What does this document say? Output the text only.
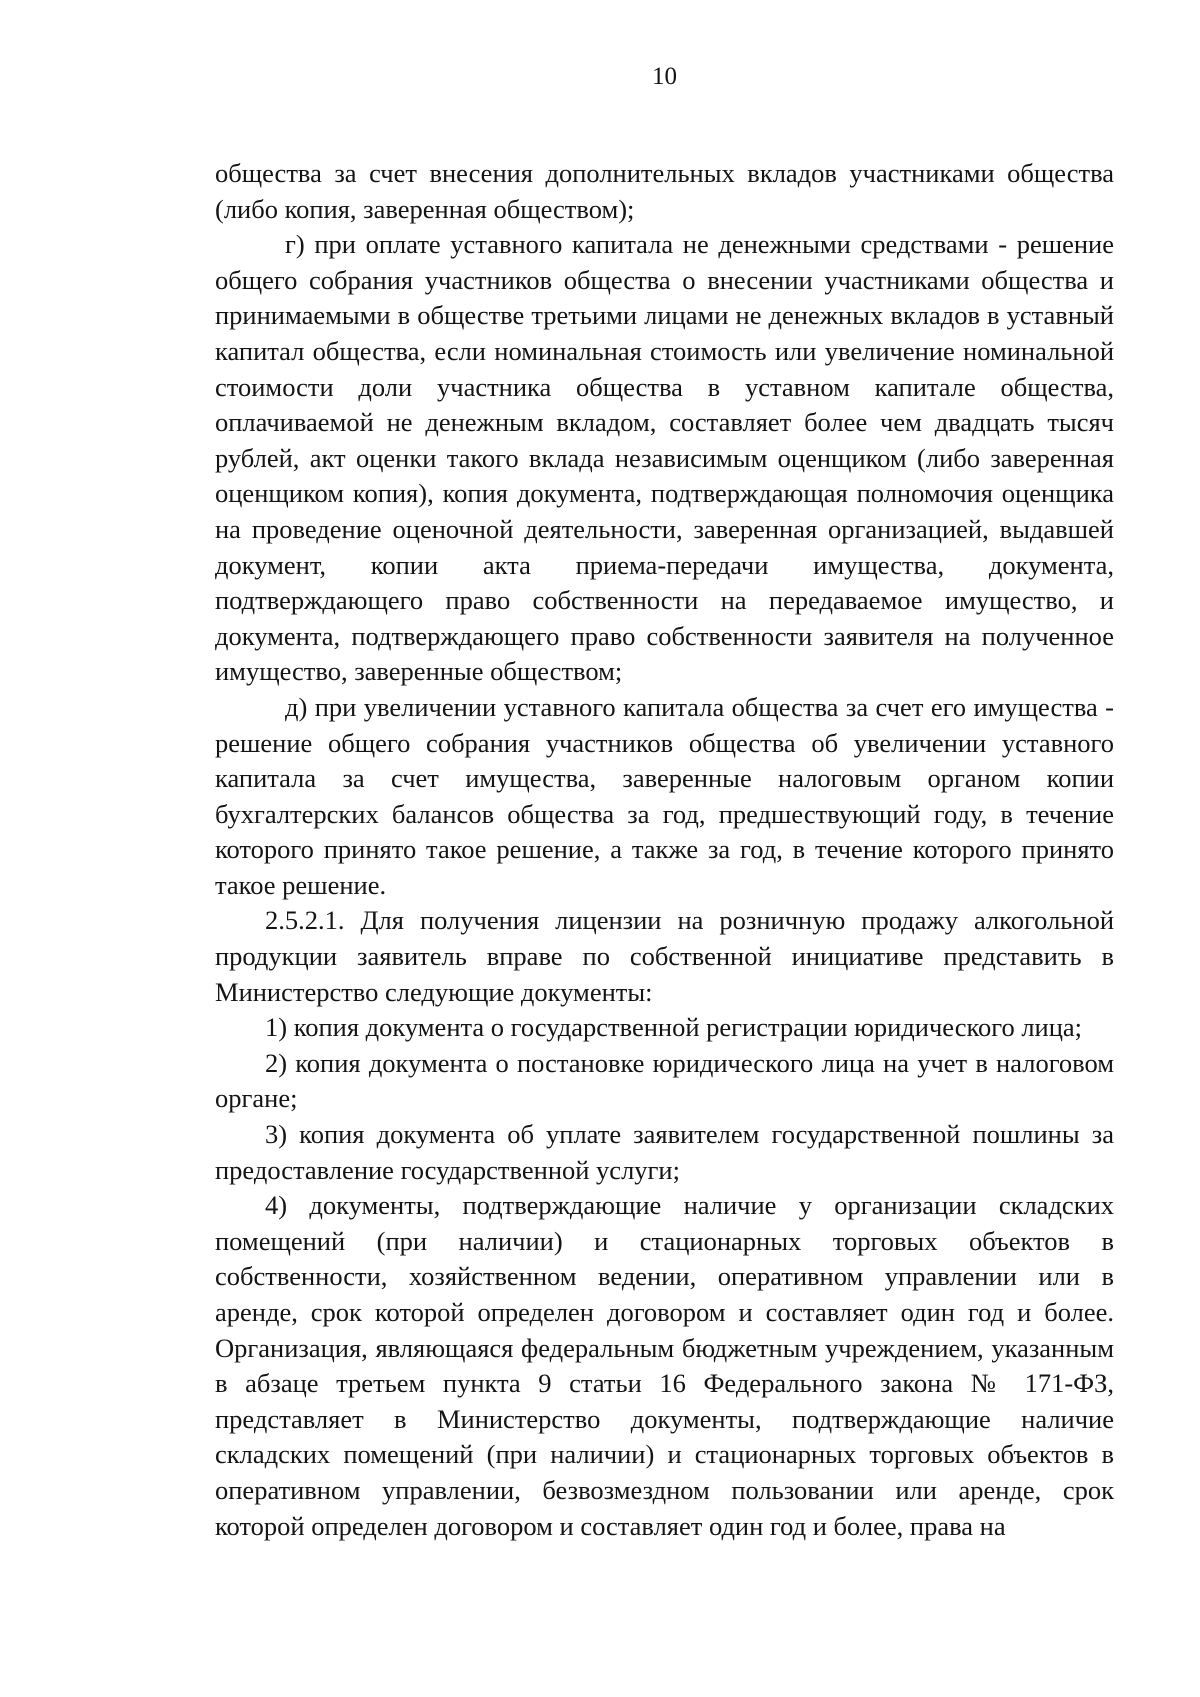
10

общества за счет внесения дополнительных вкладов участниками общества (либо копия, заверенная обществом);

г) при оплате уставного капитала не денежными средствами - решение общего собрания участников общества о внесении участниками общества и принимаемыми в обществе третьими лицами не денежных вкладов в уставный капитал общества, если номинальная стоимость или увеличение номинальной стоимости доли участника общества в уставном капитале общества, оплачиваемой не денежным вкладом, составляет более чем двадцать тысяч рублей, акт оценки такого вклада независимым оценщиком (либо заверенная оценщиком копия), копия документа, подтверждающая полномочия оценщика на проведение оценочной деятельности, заверенная организацией, выдавшей документ, копии акта приема-передачи имущества, документа, подтверждающего право собственности на передаваемое имущество, и документа, подтверждающего право собственности заявителя на полученное имущество, заверенные обществом;

д) при увеличении уставного капитала общества за счет его имущества - решение общего собрания участников общества об увеличении уставного капитала за счет имущества, заверенные налоговым органом копии бухгалтерских балансов общества за год, предшествующий году, в течение которого принято такое решение, а также за год, в течение которого принято такое решение.

2.5.2.1. Для получения лицензии на розничную продажу алкогольной продукции заявитель вправе по собственной инициативе представить в Министерство следующие документы:

1) копия документа о государственной регистрации юридического лица;

2) копия документа о постановке юридического лица на учет в налоговом органе;

3) копия документа об уплате заявителем государственной пошлины за предоставление государственной услуги;

4) документы, подтверждающие наличие у организации складских помещений (при наличии) и стационарных торговых объектов в собственности, хозяйственном ведении, оперативном управлении или в аренде, срок которой определен договором и составляет один год и более. Организация, являющаяся федеральным бюджетным учреждением, указанным в абзаце третьем пункта 9 статьи 16 Федерального закона № 171-ФЗ, представляет в Министерство документы, подтверждающие наличие складских помещений (при наличии) и стационарных торговых объектов в оперативном управлении, безвозмездном пользовании или аренде, срок которой определен договором и составляет один год и более, права на
